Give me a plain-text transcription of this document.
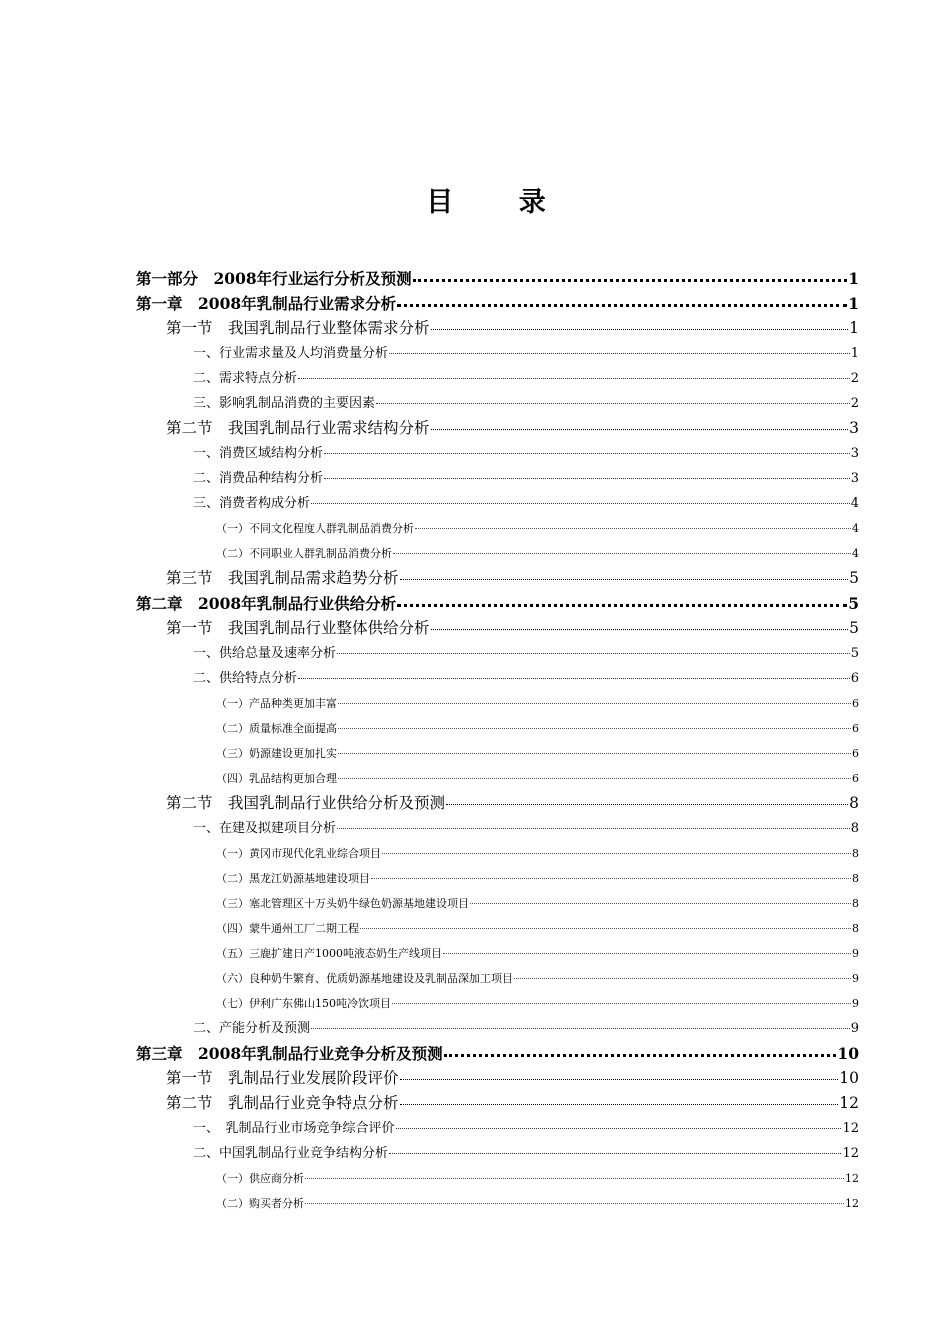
目 录
第一部分　2008年行业运行分析及预测	1
第一章　2008年乳制品行业需求分析	1
第一节　我国乳制品行业整体需求分析	1
一、行业需求量及人均消费量分析	1
二、需求特点分析	2
三、影响乳制品消费的主要因素	2
第二节　我国乳制品行业需求结构分析	3
一、消费区域结构分析	3
二、消费品种结构分析	3
三、消费者构成分析	4
（一）不同文化程度人群乳制品消费分析	4
（二）不同职业人群乳制品消费分析	4
第三节　我国乳制品需求趋势分析	5
第二章　2008年乳制品行业供给分析	5
第一节　我国乳制品行业整体供给分析	5
一、供给总量及速率分析	5
二、供给特点分析	6
（一）产品种类更加丰富	6
（二）质量标准全面提高	6
（三）奶源建设更加扎实	6
（四）乳品结构更加合理	6
第二节　我国乳制品行业供给分析及预测	8
一、在建及拟建项目分析	8
（一）黄冈市现代化乳业综合项目	8
（二）黑龙江奶源基地建设项目	8
（三）塞北管理区十万头奶牛绿色奶源基地建设项目	8
（四）蒙牛通州工厂二期工程	8
（五）三鹿扩建日产1000吨液态奶生产线项目	9
（六）良种奶牛繁育、优质奶源基地建设及乳制品深加工项目	9
（七）伊利广东佛山150吨冷饮项目	9
二、产能分析及预测	9
第三章　2008年乳制品行业竞争分析及预测	10
第一节　乳制品行业发展阶段评价	10
第二节　乳制品行业竞争特点分析	12
一、　乳制品行业市场竞争综合评价	12
二、中国乳制品行业竞争结构分析	12
（一）供应商分析	12
（二）购买者分析	12
